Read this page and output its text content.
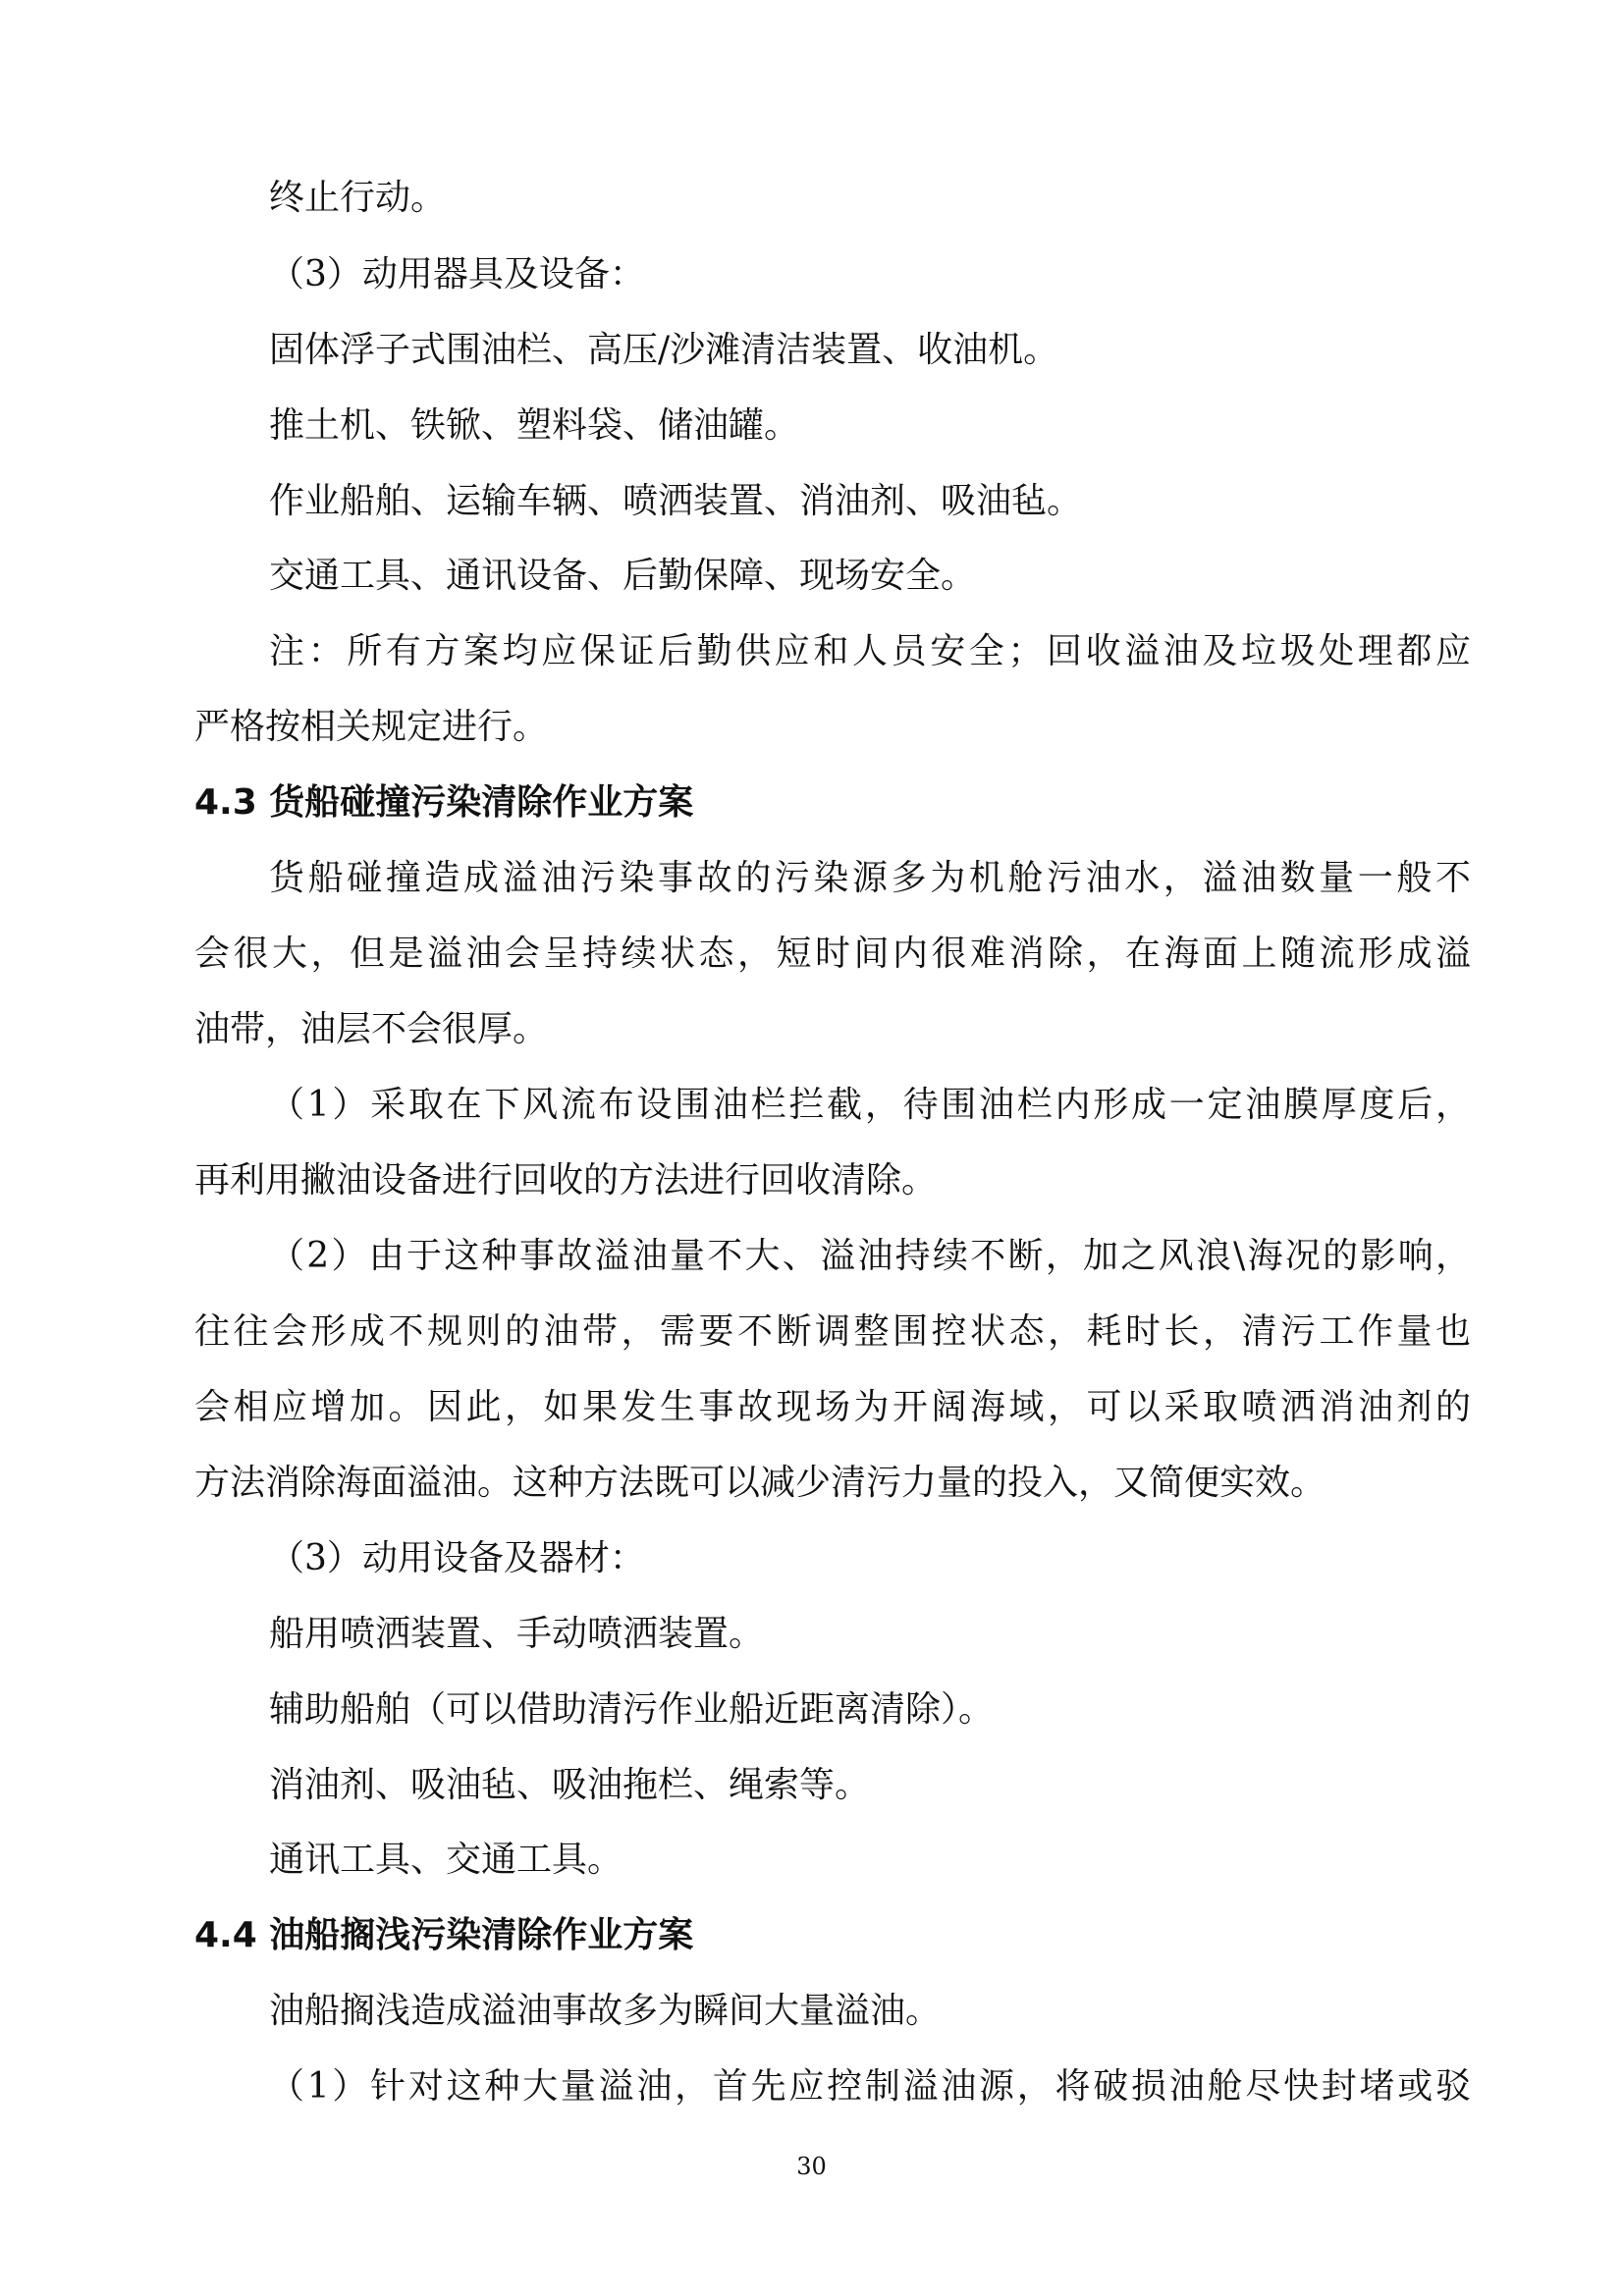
终止行动。
（3）动用器具及设备：
固体浮子式围油栏、高压/沙滩清洁装置、收油机。
推土机、铁锨、塑料袋、储油罐。
作业船舶、运输车辆、喷洒装置、消油剂、吸油毡。
交通工具、通讯设备、后勤保障、现场安全。
注：所有方案均应保证后勤供应和人员安全；回收溢油及垃圾处理都应
严格按相关规定进行。
4.3 货船碰撞污染清除作业方案
货船碰撞造成溢油污染事故的污染源多为机舱污油水，溢油数量一般不
会很大，但是溢油会呈持续状态，短时间内很难消除，在海面上随流形成溢
油带，油层不会很厚。
（1）采取在下风流布设围油栏拦截，待围油栏内形成一定油膜厚度后，
再利用撇油设备进行回收的方法进行回收清除。
（2）由于这种事故溢油量不大、溢油持续不断，加之风浪\海况的影响，
往往会形成不规则的油带，需要不断调整围控状态，耗时长，清污工作量也
会相应增加。因此，如果发生事故现场为开阔海域，可以采取喷洒消油剂的
方法消除海面溢油。这种方法既可以减少清污力量的投入，又简便实效。
（3）动用设备及器材：
船用喷洒装置、手动喷洒装置。
辅助船舶（可以借助清污作业船近距离清除）。
消油剂、吸油毡、吸油拖栏、绳索等。
通讯工具、交通工具。
4.4 油船搁浅污染清除作业方案
油船搁浅造成溢油事故多为瞬间大量溢油。
（1）针对这种大量溢油，首先应控制溢油源，将破损油舱尽快封堵或驳
30
